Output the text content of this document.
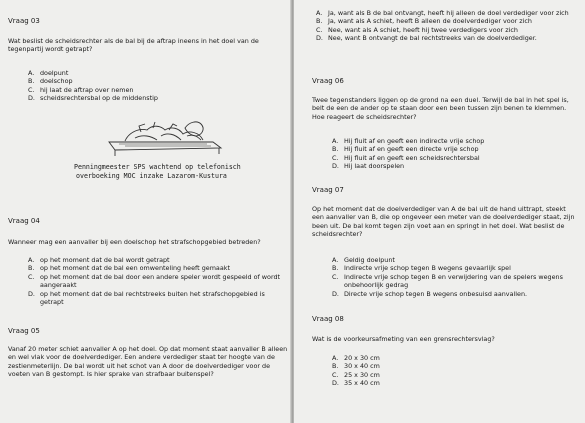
Vraag 03
Wat beslist de scheidsrechter als de bal bij de aftrap ineens in het doel van de tegenpartij wordt getrapt?
A. doelpunt
B. doelschop
C. hij laat de aftrap over nemen
D. scheidsrechtersbal op de middenstip
Penningmeester SPS wachtend op telefonisch
overboeking MOC inzake Lazarom-Kustura
Vraag 04
Wanneer mag een aanvaller bij een doelschop het strafschopgebied betreden?
A. op het moment dat de bal wordt getrapt
B. op het moment dat de bal een omwenteling heeft gemaakt
C. op het moment dat de bal door een andere speler wordt gespeeld of wordt aangeraakt
D. op het moment dat de bal rechtstreeks buiten het strafschopgebied is getrapt
Vraag 05
Vanaf 20 meter schiet aanvaller A op het doel. Op dat moment staat aanvaller B alleen en wel vlak voor de doelverdediger. Een andere verdediger staat ter hoogte van de zestienmeterlijn. De bal wordt uit het schot van A door de doelverdediger voor de voeten van B gestompt. Is hier sprake van strafbaar buitenspel?
A. Ja, want als B de bal ontvangt, heeft hij alleen de doel verdediger voor zich
B. Ja, want als A schiet, heeft B alleen de doelverdediger voor zich
C. Nee, want als A schiet, heeft hij twee verdedigers voor zich
D. Nee, want B ontvangt de bal rechtstreeks van de doelverdediger.
Vraag 06
Twee tegenstanders liggen op de grond na een duel. Terwijl de bal in het spel is, belt de een de ander op te staan door een been tussen zijn benen te klemmen. Hoe reageert de scheidsrechter?
A. Hij fluit af en geeft een indirecte vrije schop
B. Hij fluit af en geeft een directe vrije schop
C. Hij fluit af en geeft een scheidsrechtersbal
D. Hij laat doorspelen
Vraag 07
Op het moment dat de doelverdediger van A de bal uit de hand uittrapt, steekt een aanvaller van B, die op ongeveer een meter van de doelverdediger staat, zijn been uit. De bal komt tegen zijn voet aan en springt in het doel. Wat beslist de scheidsrechter?
A. Geldig doelpunt
B. Indirecte vrije schop tegen B wegens gevaarlijk spel
C. Indirecte vrije schop tegen B en verwijdering van de spelers wegens onbehoorlijk gedrag
D. Directe vrije schop tegen B wegens onbesuisd aanvallen.
Vraag 08
Wat is de voorkeursafmeting van een grensrechtersvlag?
A. 20 x 30 cm
B. 30 x 40 cm
C. 25 x 30 cm
D. 35 x 40 cm
